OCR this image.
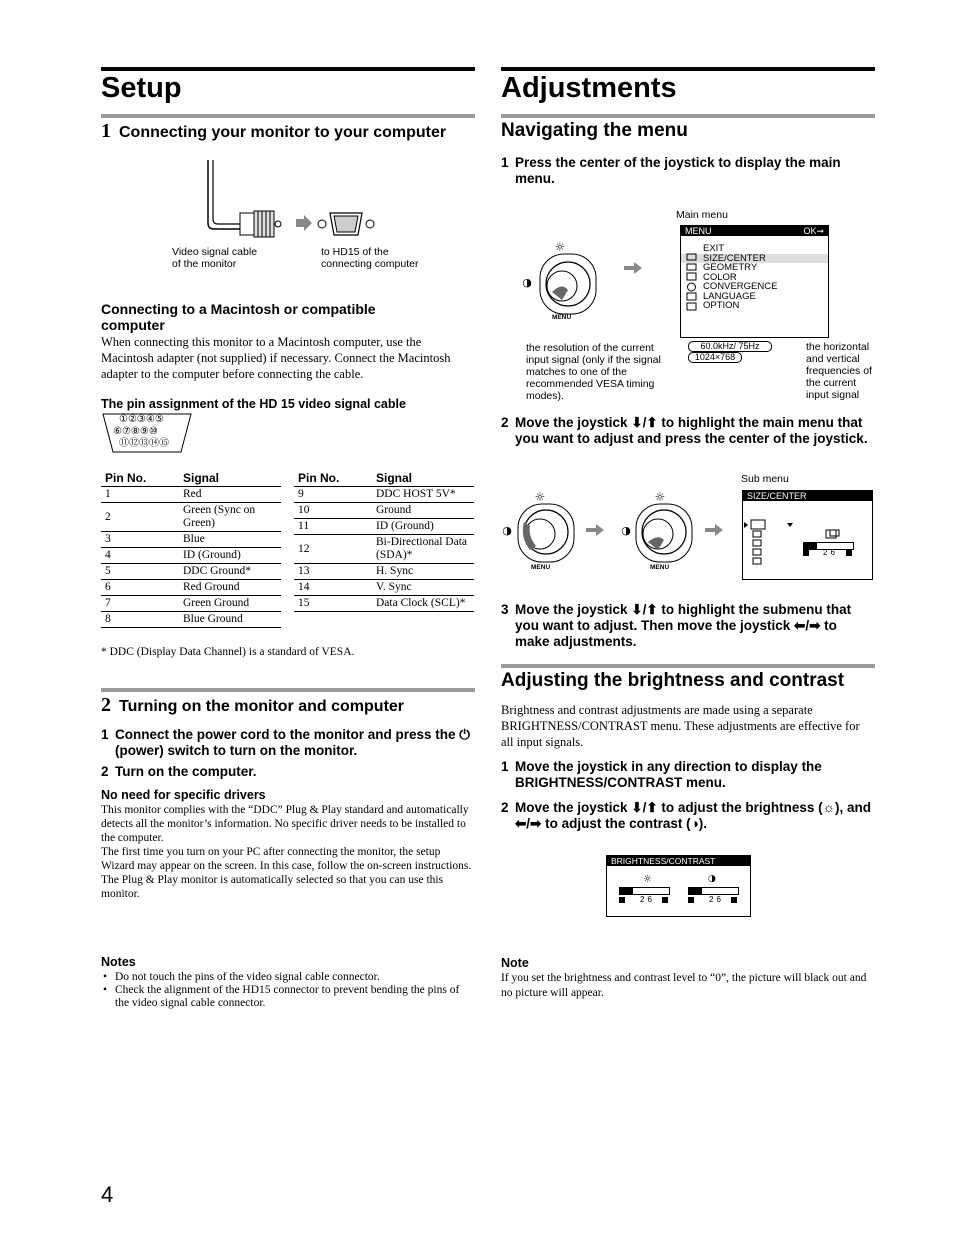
Setup
1 Connecting your monitor to your computer
Video signal cable
of the monitor
to HD15 of the
connecting computer
Connecting to a Macintosh or compatible computer
When connecting this monitor to a Macintosh computer, use the Macintosh adapter (not supplied) if necessary. Connect the Macintosh adapter to the computer before connecting the cable.
The pin assignment of the HD 15 video signal cable
①②③④⑤
⑥⑦⑧⑨⑩
⑪⑫⑬⑭⑮
Pin No.	Signal
1	Red
2	Green (Sync on Green)
3	Blue
4	ID (Ground)
5	DDC Ground*
6	Red Ground
7	Green Ground
8	Blue Ground
Pin No.	Signal
9	DDC HOST 5V*
10	Ground
11	ID (Ground)
12	Bi-Directional Data (SDA)*
13	H. Sync
14	V. Sync
15	Data Clock (SCL)*
* DDC (Display Data Channel) is a standard of VESA.
2 Turning on the monitor and computer
1 Connect the power cord to the monitor and press the ⏻ (power) switch to turn on the monitor.
2 Turn on the computer.
No need for specific drivers
This monitor complies with the “DDC” Plug & Play standard and automatically detects all the monitor’s information. No specific driver needs to be installed to the computer.
The first time you turn on your PC after connecting the monitor, the setup Wizard may appear on the screen. In this case, follow the on-screen instructions. The Plug & Play monitor is automatically selected so that you can use this monitor.
Notes
• Do not touch the pins of the video signal cable connector.
• Check the alignment of the HD15 connector to prevent bending the pins of the video signal cable connector.
4
Adjustments
Navigating the menu
1 Press the center of the joystick to display the main menu.
☼
◑
MENU
Main menu
MENU	OK➞
EXIT
SIZE/CENTER
GEOMETRY
COLOR
CONVERGENCE
LANGUAGE
OPTION
the resolution of the current input signal (only if the signal matches to one of the recommended VESA timing modes).
60.0kHz/ 75Hz
1024×768
the horizontal and vertical frequencies of the current input signal
2 Move the joystick ⬇/⬆ to highlight the main menu that you want to adjust and press the center of the joystick.
☼
◑
MENU
☼
◑
MENU
Sub menu
SIZE/CENTER
26
3 Move the joystick ⬇/⬆ to highlight the submenu that you want to adjust. Then move the joystick ⬅/➡ to make adjustments.
Adjusting the brightness and contrast
Brightness and contrast adjustments are made using a separate BRIGHTNESS/CONTRAST menu. These adjustments are effective for all input signals.
1 Move the joystick in any direction to display the BRIGHTNESS/CONTRAST menu.
2 Move the joystick ⬇/⬆ to adjust the brightness (☼), and ⬅/➡ to adjust the contrast (◑).
BRIGHTNESS/CONTRAST
☼	◑
26	26
Note
If you set the brightness and contrast level to “0”, the picture will black out and no picture will appear.
